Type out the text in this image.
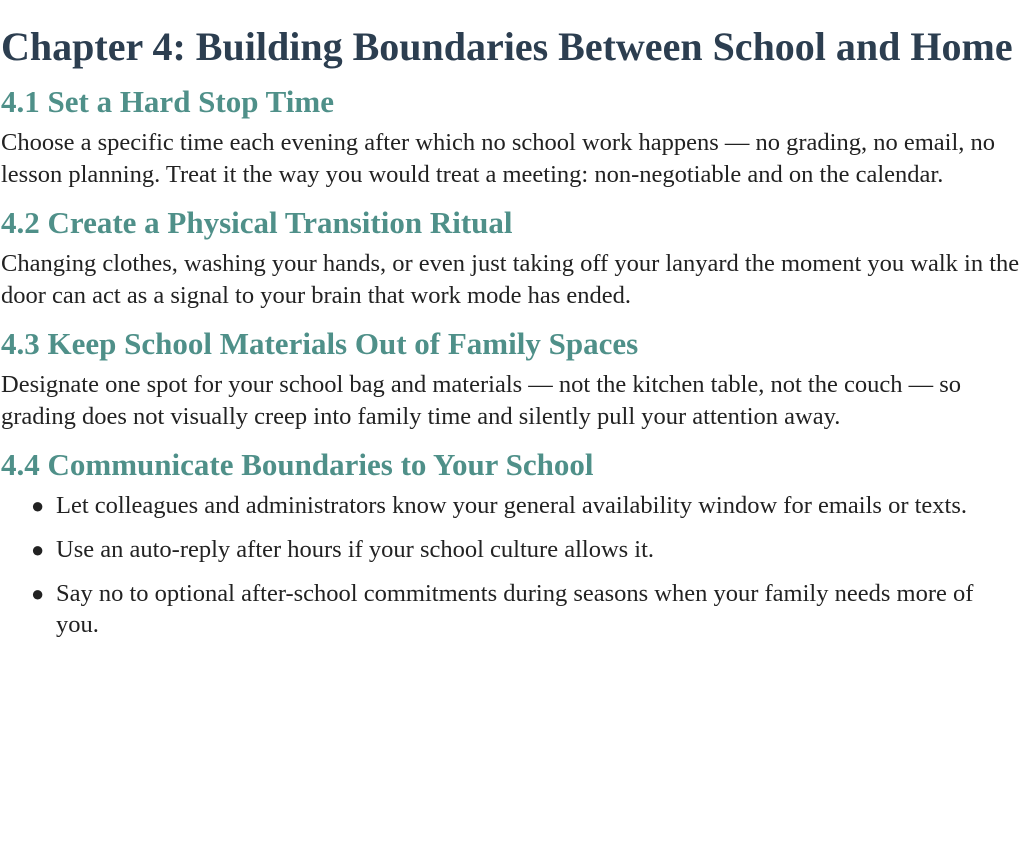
Chapter 4: Building Boundaries Between School and Home
4.1 Set a Hard Stop Time

Choose a specific time each evening after which no school work happens — no grading, no email, no lesson planning. Treat it the way you would treat a meeting: non-negotiable and on the calendar.

4.2 Create a Physical Transition Ritual

Changing clothes, washing your hands, or even just taking off your lanyard the moment you walk in the door can act as a signal to your brain that work mode has ended.

4.3 Keep School Materials Out of Family Spaces

Designate one spot for your school bag and materials — not the kitchen table, not the couch — so grading does not visually creep into family time and silently pull your attention away.

4.4 Communicate Boundaries to Your School
● Let colleagues and administrators know your general availability window for emails or texts.
● Use an auto-reply after hours if your school culture allows it.
● Say no to optional after-school commitments during seasons when your family needs more of you.
